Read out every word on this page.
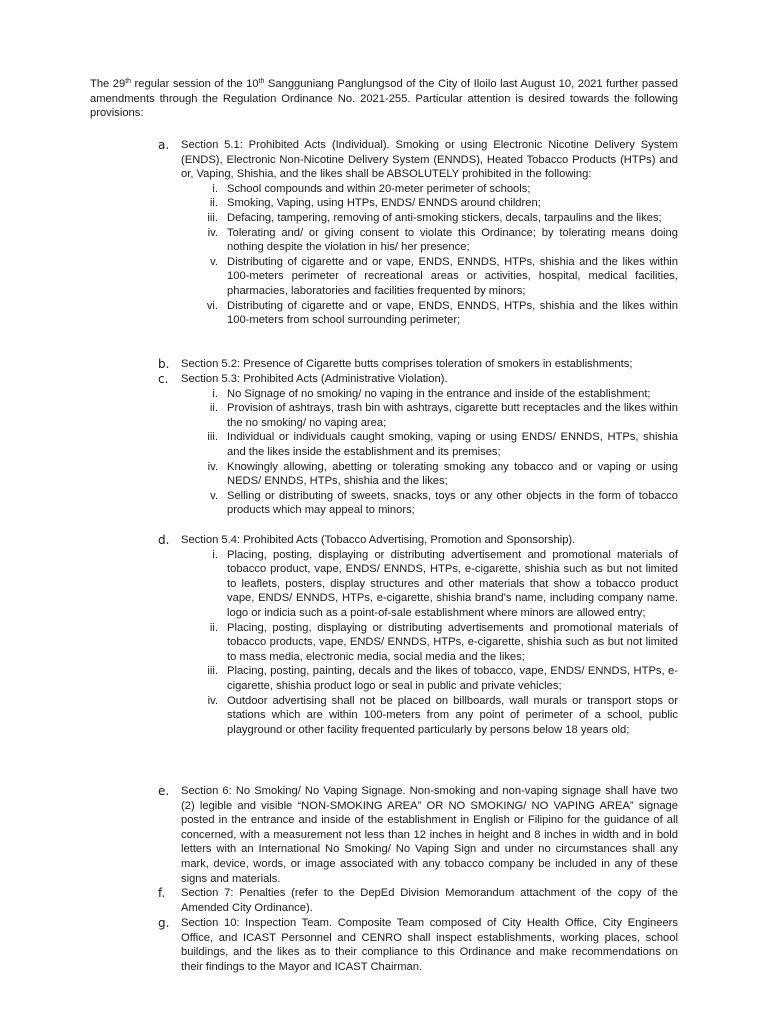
The 29th regular session of the 10th Sangguniang Panglungsod of the City of Iloilo last August 10, 2021 further passed amendments through the Regulation Ordinance No. 2021-255. Particular attention is desired towards the following provisions:
a.	Section 5.1: Prohibited Acts (Individual). Smoking or using Electronic Nicotine Delivery System (ENDS), Electronic Non-Nicotine Delivery System (ENNDS), Heated Tobacco Products (HTPs) and or, Vaping, Shishia, and the likes shall be ABSOLUTELY prohibited in the following:
i. School compounds and within 20-meter perimeter of schools;
ii. Smoking, Vaping, using HTPs, ENDS/ ENNDS around children;
iii. Defacing, tampering, removing of anti-smoking stickers, decals, tarpaulins and the likes;
iv. Tolerating and/ or giving consent to violate this Ordinance; by tolerating means doing nothing despite the violation in his/ her presence;
v. Distributing of cigarette and or vape, ENDS, ENNDS, HTPs, shishia and the likes within 100-meters perimeter of recreational areas or activities, hospital, medical facilities, pharmacies, laboratories and facilities frequented by minors;
vi. Distributing of cigarette and or vape, ENDS, ENNDS, HTPs, shishia and the likes within 100-meters from school surrounding perimeter;
b.	Section 5.2: Presence of Cigarette butts comprises toleration of smokers in establishments;
c.	Section 5.3: Prohibited Acts (Administrative Violation).
i. No Signage of no smoking/ no vaping in the entrance and inside of the establishment;
ii. Provision of ashtrays, trash bin with ashtrays, cigarette butt receptacles and the likes within the no smoking/ no vaping area;
iii. Individual or individuals caught smoking, vaping or using ENDS/ ENNDS, HTPs, shishia and the likes inside the establishment and its premises;
iv. Knowingly allowing, abetting or tolerating smoking any tobacco and or vaping or using NEDS/ ENNDS, HTPs, shishia and the likes;
v. Selling or distributing of sweets, snacks, toys or any other objects in the form of tobacco products which may appeal to minors;
d.	Section 5.4: Prohibited Acts (Tobacco Advertising, Promotion and Sponsorship).
i. Placing, posting, displaying or distributing advertisement and promotional materials of tobacco product, vape, ENDS/ ENNDS, HTPs, e-cigarette, shishia such as but not limited to leaflets, posters, display structures and other materials that show a tobacco product vape, ENDS/ ENNDS, HTPs, e-cigarette, shishia brand’s name, including company name. logo or indicia such as a point-of-sale establishment where minors are allowed entry;
ii. Placing, posting, displaying or distributing advertisements and promotional materials of tobacco products, vape, ENDS/ ENNDS, HTPs, e-cigarette, shishia such as but not limited to mass media, electronic media, social media and the likes;
iii. Placing, posting, painting, decals and the likes of tobacco, vape, ENDS/ ENNDS, HTPs, e-cigarette, shishia product logo or seal in public and private vehicles;
iv. Outdoor advertising shall not be placed on billboards, wall murals or transport stops or stations which are within 100-meters from any point of perimeter of a school, public playground or other facility frequented particularly by persons below 18 years old;
e.	Section 6: No Smoking/ No Vaping Signage. Non-smoking and non-vaping signage shall have two (2) legible and visible “NON-SMOKING AREA” OR NO SMOKING/ NO VAPING AREA” signage posted in the entrance and inside of the establishment in English or Filipino for the guidance of all concerned, with a measurement not less than 12 inches in height and 8 inches in width and in bold letters with an International No Smoking/ No Vaping Sign and under no circumstances shall any mark, device, words, or image associated with any tobacco company be included in any of these signs and materials.
f.	Section 7: Penalties (refer to the DepEd Division Memorandum attachment of the copy of the Amended City Ordinance).
g.	Section 10: Inspection Team. Composite Team composed of City Health Office, City Engineers Office, and ICAST Personnel and CENRO shall inspect establishments, working places, school buildings, and the likes as to their compliance to this Ordinance and make recommendations on their findings to the Mayor and ICAST Chairman.
